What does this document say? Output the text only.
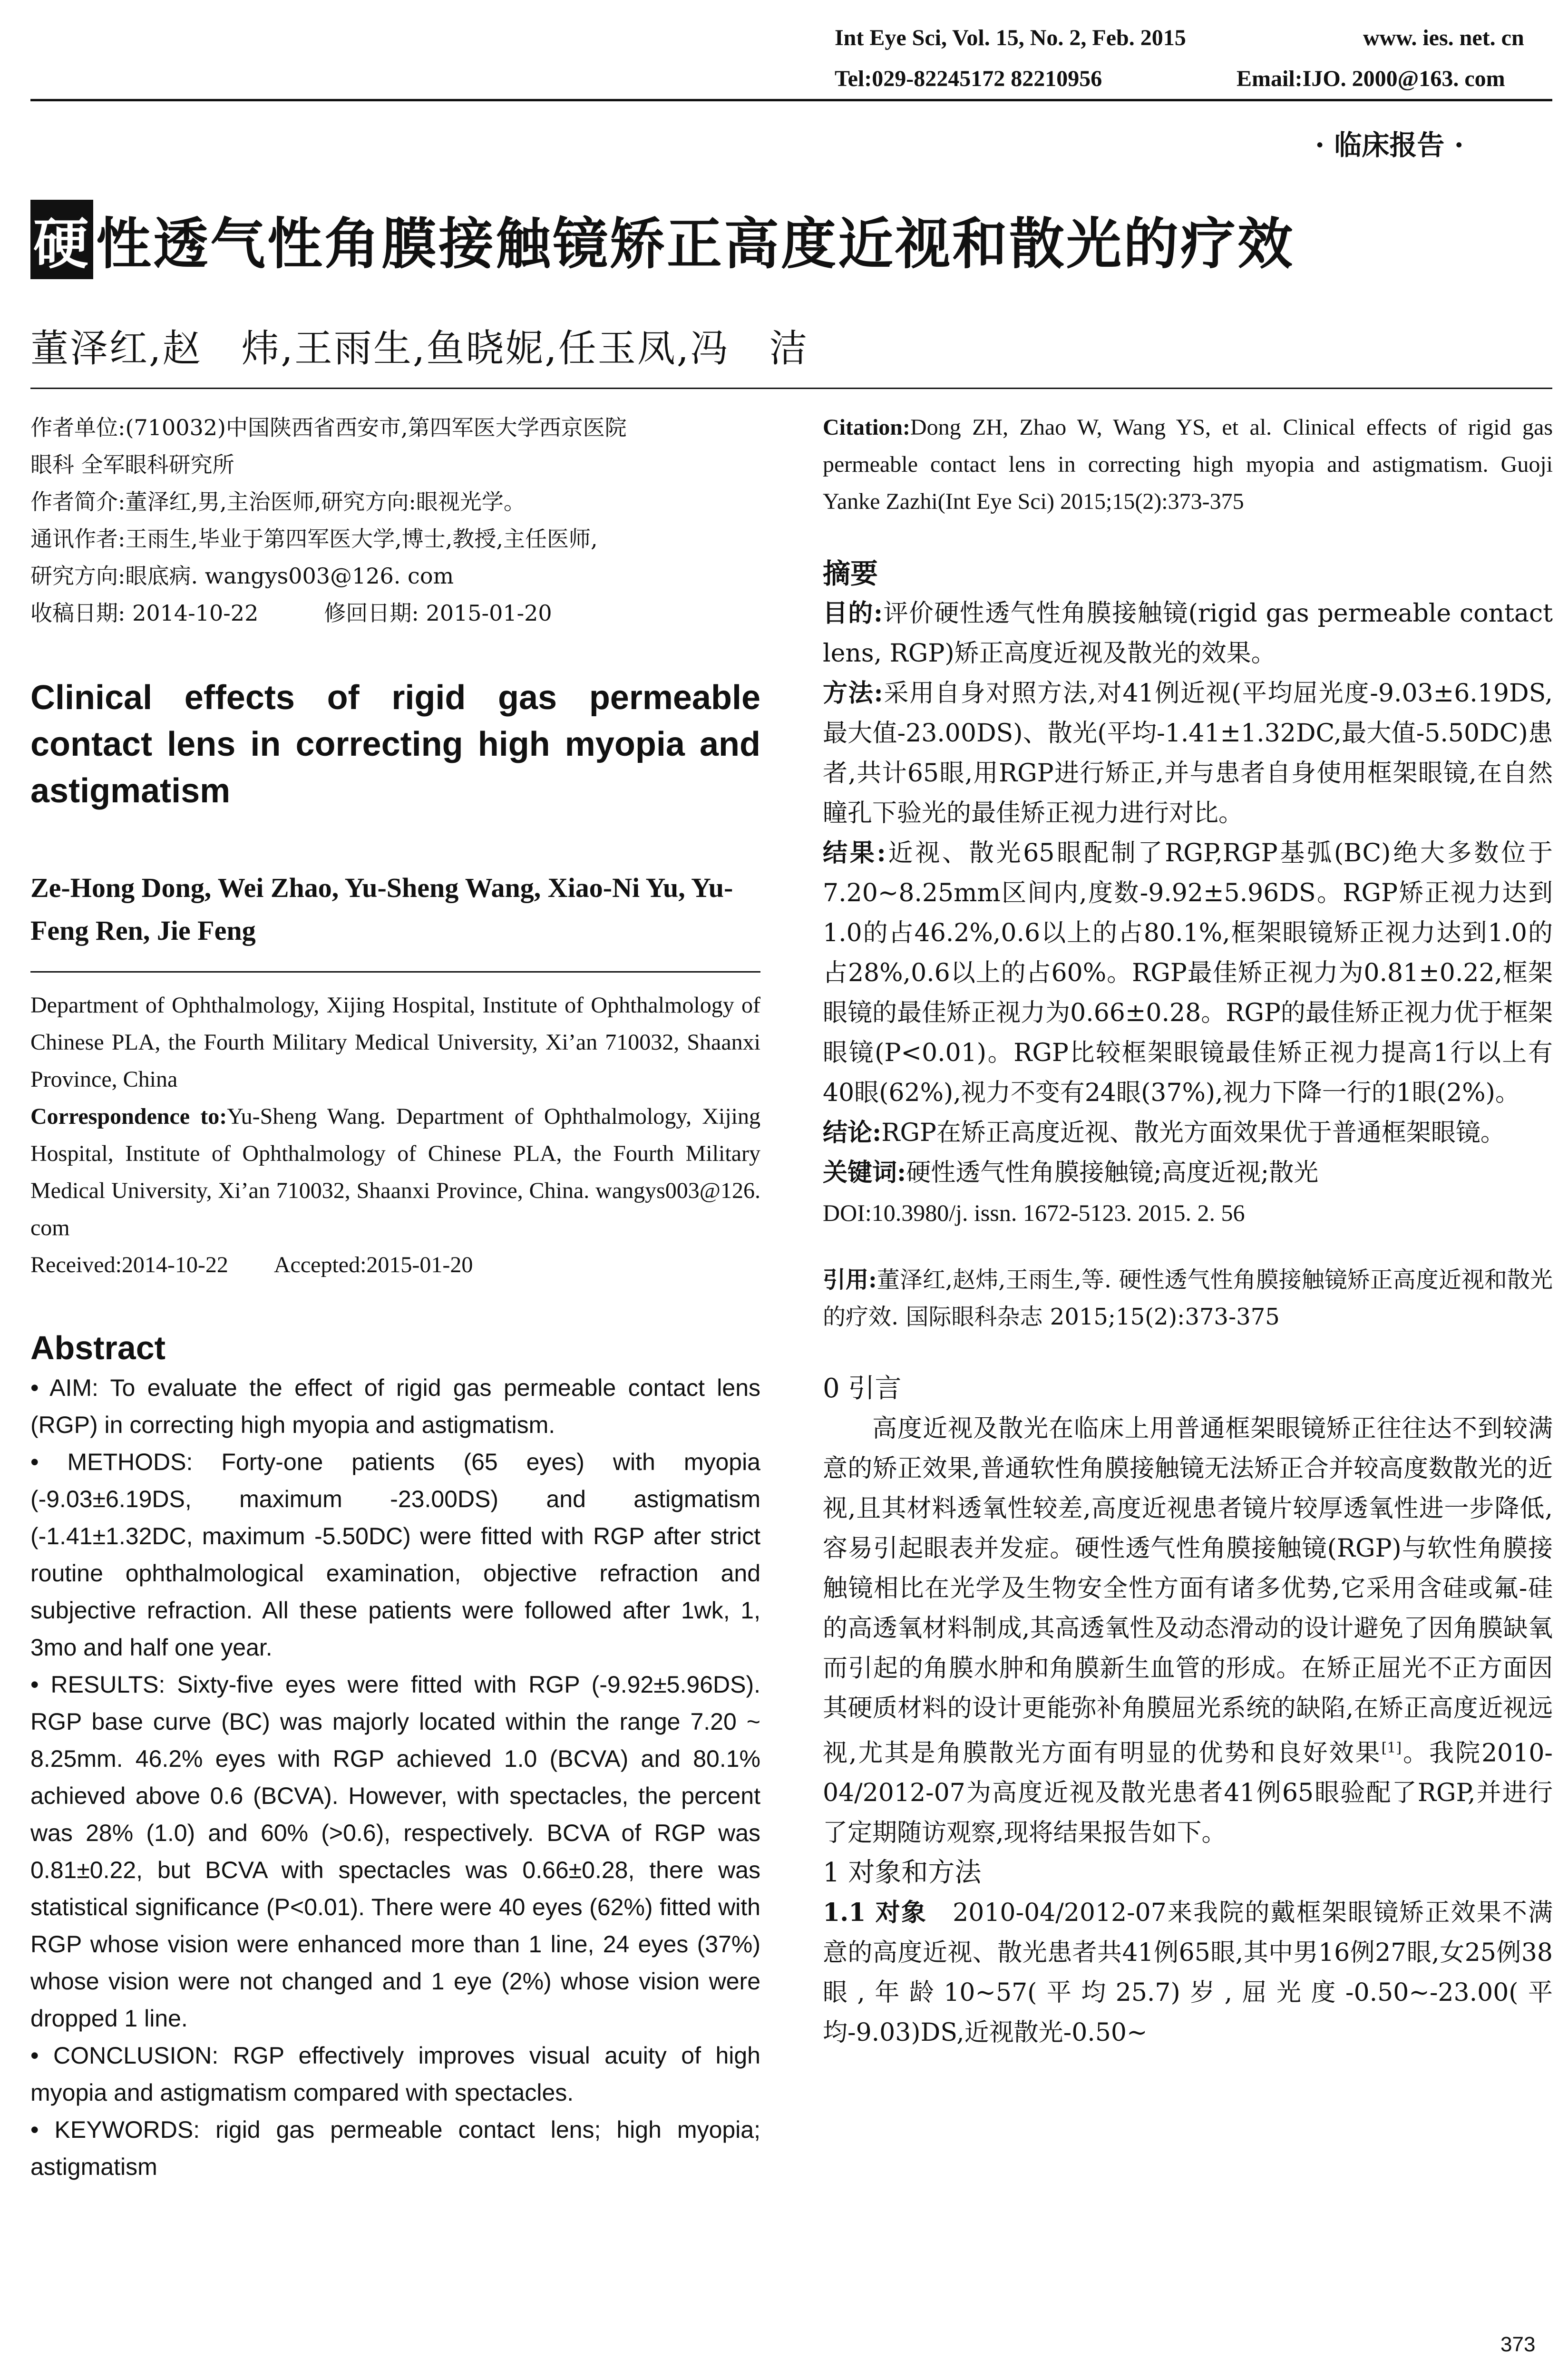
Int Eye Sci, Vol. 15, No. 2, Feb. 2015	www. ies. net. cn
Tel:029-82245172 82210956	Email:IJO. 2000@163. com
· 临床报告 ·
硬 性透气性角膜接触镜矫正高度近视和散光的疗效
董泽红,赵　炜,王雨生,鱼晓妮,任玉凤,冯　洁
作者单位:(710032)中国陕西省西安市,第四军医大学西京医院
眼科 全军眼科研究所
作者简介:董泽红,男,主治医师,研究方向:眼视光学。
通讯作者:王雨生,毕业于第四军医大学,博士,教授,主任医师,
研究方向:眼底病. wangys003@126. com
收稿日期: 2014-10-22　　　修回日期: 2015-01-20
Clinical effects of rigid gas permeable contact lens in correcting high myopia and astigmatism
Ze-Hong Dong, Wei Zhao, Yu-Sheng Wang, Xiao-Ni Yu, Yu-Feng Ren, Jie Feng
Department of Ophthalmology, Xijing Hospital, Institute of Ophthalmology of Chinese PLA, the Fourth Military Medical University, Xi’an 710032, Shaanxi Province, China
Correspondence to:Yu-Sheng Wang. Department of Ophthalmology, Xijing Hospital, Institute of Ophthalmology of Chinese PLA, the Fourth Military Medical University, Xi’an 710032, Shaanxi Province, China. wangys003@126. com
Received:2014-10-22　　Accepted:2015-01-20
Abstract

• AIM: To evaluate the effect of rigid gas permeable contact lens (RGP) in correcting high myopia and astigmatism.

• METHODS: Forty-one patients (65 eyes) with myopia (-9.03±6.19DS, maximum -23.00DS) and astigmatism (-1.41±1.32DC, maximum -5.50DC) were fitted with RGP after strict routine ophthalmological examination, objective refraction and subjective refraction. All these patients were followed after 1wk, 1, 3mo and half one year.

• RESULTS: Sixty-five eyes were fitted with RGP (-9.92±5.96DS). RGP base curve (BC) was majorly located within the range 7.20 ~ 8.25mm. 46.2% eyes with RGP achieved 1.0 (BCVA) and 80.1% achieved above 0.6 (BCVA). However, with spectacles, the percent was 28% (1.0) and 60% (>0.6), respectively. BCVA of RGP was 0.81±0.22, but BCVA with spectacles was 0.66±0.28, there was statistical significance (P<0.01). There were 40 eyes (62%) fitted with RGP whose vision were enhanced more than 1 line, 24 eyes (37%) whose vision were not changed and 1 eye (2%) whose vision were dropped 1 line.

• CONCLUSION: RGP effectively improves visual acuity of high myopia and astigmatism compared with spectacles.

• KEYWORDS: rigid gas permeable contact lens; high myopia; astigmatism

Citation:Dong ZH, Zhao W, Wang YS, et al. Clinical effects of rigid gas permeable contact lens in correcting high myopia and astigmatism. Guoji Yanke Zazhi(Int Eye Sci) 2015;15(2):373-375
摘要

目的:评价硬性透气性角膜接触镜(rigid gas permeable contact lens, RGP)矫正高度近视及散光的效果。

方法:采用自身对照方法,对41例近视(平均屈光度-9.03±6.19DS,最大值-23.00DS)、散光(平均-1.41±1.32DC,最大值-5.50DC)患者,共计65眼,用RGP进行矫正,并与患者自身使用框架眼镜,在自然瞳孔下验光的最佳矫正视力进行对比。

结果:近视、散光65眼配制了RGP,RGP基弧(BC)绝大多数位于7.20~8.25mm区间内,度数-9.92±5.96DS。RGP矫正视力达到1.0的占46.2%,0.6以上的占80.1%,框架眼镜矫正视力达到1.0的占28%,0.6以上的占60%。RGP最佳矫正视力为0.81±0.22,框架眼镜的最佳矫正视力为0.66±0.28。RGP的最佳矫正视力优于框架眼镜(P<0.01)。RGP比较框架眼镜最佳矫正视力提高1行以上有40眼(62%),视力不变有24眼(37%),视力下降一行的1眼(2%)。

结论:RGP在矫正高度近视、散光方面效果优于普通框架眼镜。

关键词:硬性透气性角膜接触镜;高度近视;散光

DOI:10.3980/j. issn. 1672-5123. 2015. 2. 56

引用:董泽红,赵炜,王雨生,等. 硬性透气性角膜接触镜矫正高度近视和散光的疗效. 国际眼科杂志 2015;15(2):373-375
0 引言

高度近视及散光在临床上用普通框架眼镜矫正往往达不到较满意的矫正效果,普通软性角膜接触镜无法矫正合并较高度数散光的近视,且其材料透氧性较差,高度近视患者镜片较厚透氧性进一步降低,容易引起眼表并发症。硬性透气性角膜接触镜(RGP)与软性角膜接触镜相比在光学及生物安全性方面有诸多优势,它采用含硅或氟-硅的高透氧材料制成,其高透氧性及动态滑动的设计避免了因角膜缺氧而引起的角膜水肿和角膜新生血管的形成。在矫正屈光不正方面因其硬质材料的设计更能弥补角膜屈光系统的缺陷,在矫正高度近视远视,尤其是角膜散光方面有明显的优势和良好效果[1]。我院2010-04/2012-07为高度近视及散光患者41例65眼验配了RGP,并进行了定期随访观察,现将结果报告如下。

1 对象和方法

1.1 对象　 2010-04/2012-07来我院的戴框架眼镜矫正效果不满意的高度近视、散光患者共41例65眼,其中男16例27眼,女25例38眼,年龄10~57(平均25.7)岁,屈光度-0.50~-23.00(平均-9.03)DS,近视散光-0.50~

373
